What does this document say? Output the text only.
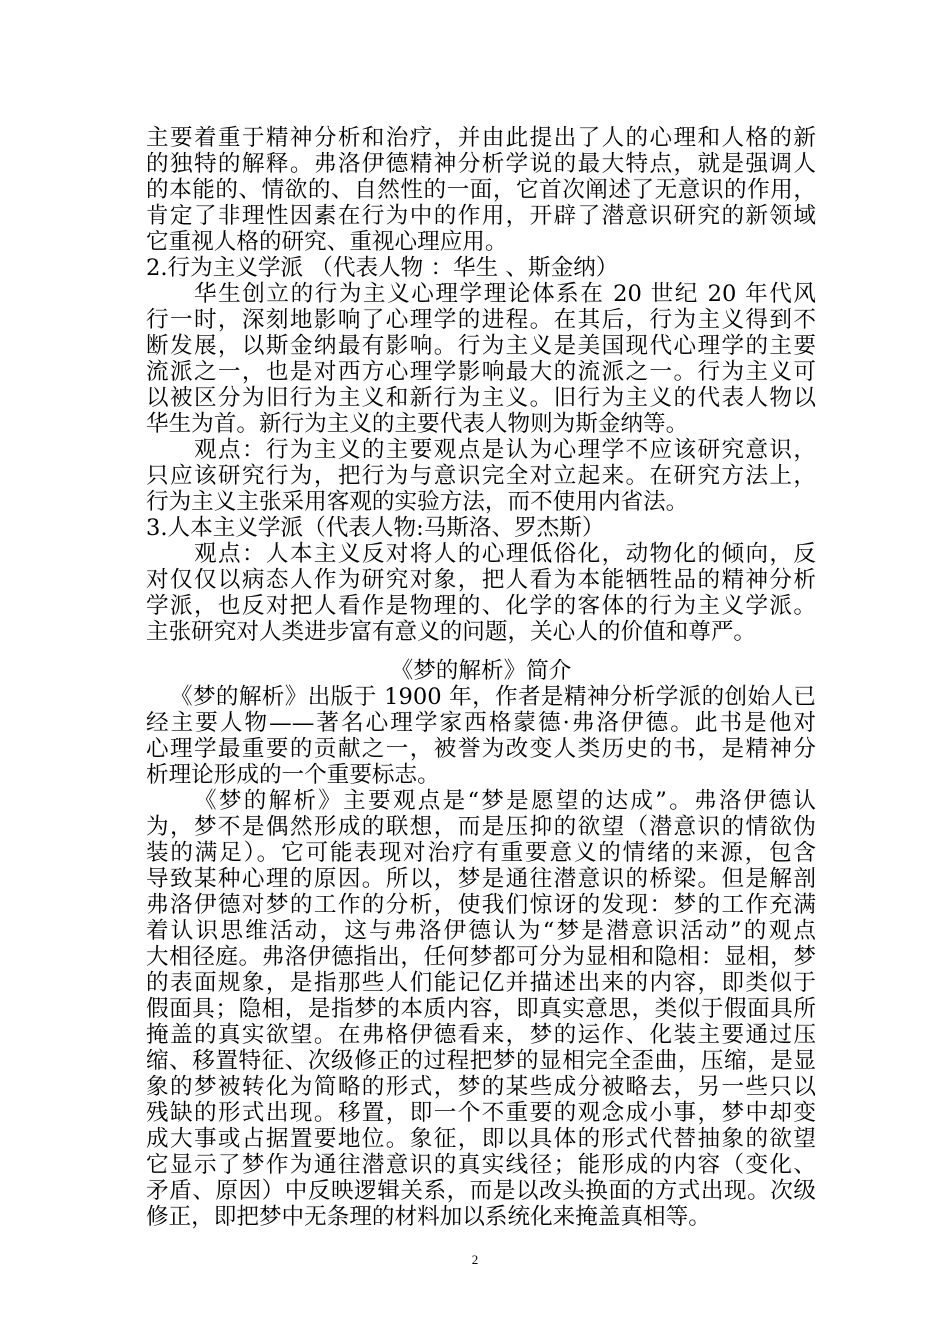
主要着重于精神分析和治疗，并由此提出了人的心理和人格的新
的独特的解释。弗洛伊德精神分析学说的最大特点，就是强调人
的本能的、情欲的、自然性的一面，它首次阐述了无意识的作用，
肯定了非理性因素在行为中的作用，开辟了潜意识研究的新领域
它重视人格的研究、重视心理应用。
2.行为主义学派 （代表人物 ：华生 、斯金纳）
华生创立的行为主义心理学理论体系在 20 世纪 20 年代风
行一时，深刻地影响了心理学的进程。在其后，行为主义得到不
断发展，以斯金纳最有影响。行为主义是美国现代心理学的主要
流派之一，也是对西方心理学影响最大的流派之一。行为主义可
以被区分为旧行为主义和新行为主义。旧行为主义的代表人物以
华生为首。新行为主义的主要代表人物则为斯金纳等。
观点：行为主义的主要观点是认为心理学不应该研究意识，
只应该研究行为，把行为与意识完全对立起来。在研究方法上，
行为主义主张采用客观的实验方法，而不使用内省法。
3.人本主义学派（代表人物:马斯洛、罗杰斯）
观点：人本主义反对将人的心理低俗化，动物化的倾向，反
对仅仅以病态人作为研究对象，把人看为本能牺牲品的精神分析
学派，也反对把人看作是物理的、化学的客体的行为主义学派。
主张研究对人类进步富有意义的问题，关心人的价值和尊严。
《梦的解析》简介
《梦的解析》出版于 1900 年，作者是精神分析学派的创始人已
经主要人物——著名心理学家西格蒙德·弗洛伊德。此书是他对
心理学最重要的贡献之一，被誉为改变人类历史的书，是精神分
析理论形成的一个重要标志。
《梦的解析》主要观点是“梦是愿望的达成”。弗洛伊德认
为，梦不是偶然形成的联想，而是压抑的欲望（潜意识的情欲伪
装的满足）。它可能表现对治疗有重要意义的情绪的来源，包含
导致某种心理的原因。所以，梦是通往潜意识的桥梁。但是解剖
弗洛伊德对梦的工作的分析，使我们惊讶的发现：梦的工作充满
着认识思维活动，这与弗洛伊德认为“梦是潜意识活动”的观点
大相径庭。弗洛伊德指出，任何梦都可分为显相和隐相：显相，梦
的表面规象，是指那些人们能记亿并描述出来的内容，即类似于
假面具；隐相，是指梦的本质内容，即真实意思，类似于假面具所
掩盖的真实欲望。在弗格伊德看来，梦的运作、化装主要通过压
缩、移置特征、次级修正的过程把梦的显相完全歪曲，压缩，是显
象的梦被转化为简略的形式，梦的某些成分被略去，另一些只以
残缺的形式出现。移置，即一个不重要的观念成小事，梦中却变
成大事或占据置要地位。象征，即以具体的形式代替抽象的欲望
它显示了梦作为通往潜意识的真实线径；能形成的内容（变化、
矛盾、原因）中反映逻辑关系，而是以改头换面的方式出现。次级
修正，即把梦中无条理的材料加以系统化来掩盖真相等。
2
